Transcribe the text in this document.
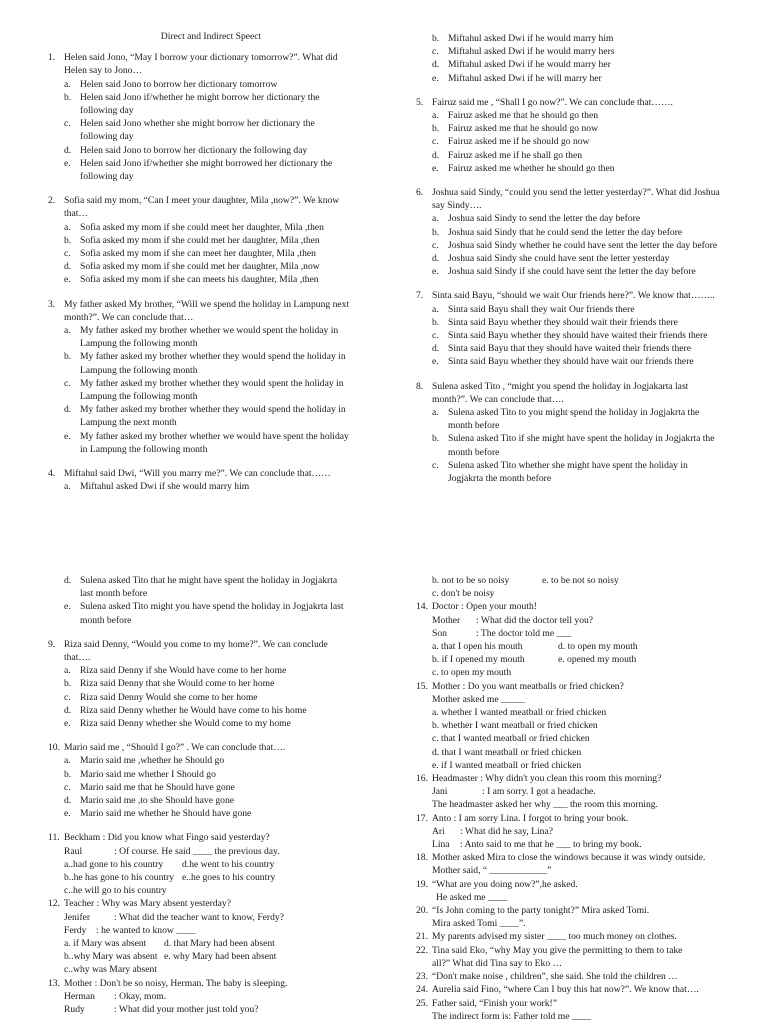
Direct and Indirect Speect
1. Helen said Jono, “May I borrow your dictionary tomorrow?”. What did
Helen say to Jono…
a. Helen said Jono to borrow her dictionary tomorrow
b. Helen said Jono if/whether he might borrow her dictionary the
following day
c. Helen said Jono whether she might borrow her dictionary the
following day
d. Helen said Jono to borrow her dictionary the following day
e. Helen said Jono if/whether she might borrowed her dictionary the
following day
2. Sofia said my mom, “Can I meet your daughter, Mila ,now?”. We know
that…
a. Sofia asked my mom if she could meet her daughter, Mila ,then
b. Sofia asked my mom if she could met her daughter, Mila ,then
c. Sofia asked my mom if she can meet her daughter, Mila ,then
d. Sofia asked my mom if she could met her daughter, Mila ,now
e. Sofia asked my mom if she can meets his daughter, Mila ,then
3. My father asked My brother, “Will we spend the holiday in Lampung next
month?”. We can conclude that…
a. My father asked my brother whether we would spent the holiday in
Lampung the following month
b. My father asked my brother whether they would spend the holiday in
Lampung the following month
c. My father asked my brother whether they would spent the holiday in
Lampung the following month
d. My father asked my brother whether they would spend the holiday in
Lampung the next month
e. My father asked my brother whether we would have spent the holiday
in Lampung the following month
4. Miftahul said Dwi, “Will you marry me?”. We can conclude that……
a. Miftahul asked Dwi if she would marry him
b. Miftahul asked Dwi if he would marry him
c. Miftahul asked Dwi if he would marry hers
d. Miftahul asked Dwi if he would marry her
e. Miftahul asked Dwi if he will marry her
5. Fairuz said me , “Shall I go now?”. We can conclude that…….
a. Fairuz asked me that he should go then
b. Fairuz asked me that he should go now
c. Fairuz asked me if he should go now
d. Fairuz asked me if he shall go then
e. Fairuz asked me whether he should go then
6. Joshua said Sindy, “could you send the letter yesterday?”. What did Joshua
say Sindy….
a. Joshua said Sindy to send the letter the day before
b. Joshua said Sindy that he could send the letter the day before
c. Joshua said Sindy whether he could have sent the letter the day before
d. Joshua said Sindy she could have sent the letter yesterday
e. Joshua said Sindy if she could have sent the letter the day before
7. Sinta said Bayu, “should we wait Our friends here?”. We know that……..
a. Sinta said Bayu shall they wait Our friends there
b. Sinta said Bayu whether they should wait their friends there
c. Sinta said Bayu whether they should have waited their friends there
d. Sinta said Bayu that they should have waited their friends there
e. Sinta said Bayu whether they should have wait our friends there
8. Sulena asked Tito , “might you spend the holiday in Jogjakarta last
month?”. We can conclude that….
a. Sulena asked Tito to you might spend the holiday in Jogjakrta the
month before
b. Sulena asked Tito if she might have spent the holiday in Jogjakrta the
month before
c. Sulena asked Tito whether she might have spent the holiday in
Jogjakrta the month before
d. Sulena asked Tito that he might have spent the holiday in Jogjakrta
last month before
e. Sulena asked Tito might you have spend the holiday in Jogjakrta last
month before
9. Riza said Denny, “Would you come to my home?”. We can conclude
that….
a. Riza said Denny if she Would have come to her home
b. Riza said Denny that she Would come to her home
c. Riza said Denny Would she come to her home
d. Riza said Denny whether he Would have come to his home
e. Riza said Denny whether she Would come to my home
10. Mario said me , “Should I go?” . We can conclude that….
a. Mario said me ,whether he Should go
b. Mario said me whether I Should go
c. Mario said me that he Should have gone
d. Mario said me ,to she Should have gone
e. Mario said me whether he Should have gone
11. Beckham : Did you know what Fingo said yesterday?
Raul	: Of course. He said ____ the previous day.
a..had gone to his country	d.he went to his country
b..he has gone to his country e..he goes to his country
c..he will go to his country
12. Teacher : Why was Mary absent yesterday?
Jenifer : What did the teacher want to know, Ferdy?
Ferdy : he wanted to know ____
a. if Mary was absent	d. that Mary had been absent
b..why Mary was absent e. why Mary had been absent
c..why was Mary absent
13. Mother : Don't be so noisy, Herman. The baby is sleeping.
Herman : Okay, mom.
Rudy	: What did your mother just told you?
b. not to be so noisy	e. to be not so noisy
c. don't be noisy
14. Doctor : Open your mouth!
Mother : What did the doctor tell you?
Son	: The doctor told me ___
a. that I open his mouth	d. to open my mouth
b. if I opened my mouth	e. opened my mouth
c. to open my mouth
15. Mother : Do you want meatballs or fried chicken?
Mother asked me _____
a. whether I wanted meatball or fried chicken
b. whether I want meatball or fried chicken
c. that I wanted meatball or fried chicken
d. that I want meatball or fried chicken
e. if I wanted meatball or fried chicken
16. Headmaster : Why didn't you clean this room this morning?
Jani	: I am sorry. I got a headache.
The headmaster asked her why ___ the room this morning.
17. Anto : I am sorry Lina. I forgot to bring your book.
Ari : What did he say, Lina?
Lina : Anto said to me that he ___ to bring my book.
18. Mother asked Mira to close the windows because it was windy outside.
Mother said, “ ____________”
19. “What are you doing now?”,he asked.
He asked me ____
20. “Is John coming to the party tonight?” Mira asked Tomi.
Mira asked Tomi ____”.
21. My parents advised my sister ____ too much money on clothes.
22. Tina said Eko, “why May you give the permitting to them to take
all?” What did Tina say to Eko …
23. “Don't make noise , children”, she said. She told the children …
24. Aurelia said Fino, “where Can I buy this hat now?”. We know that….
25. Father said, “Finish your work!”
The indirect form is: Father told me ____
